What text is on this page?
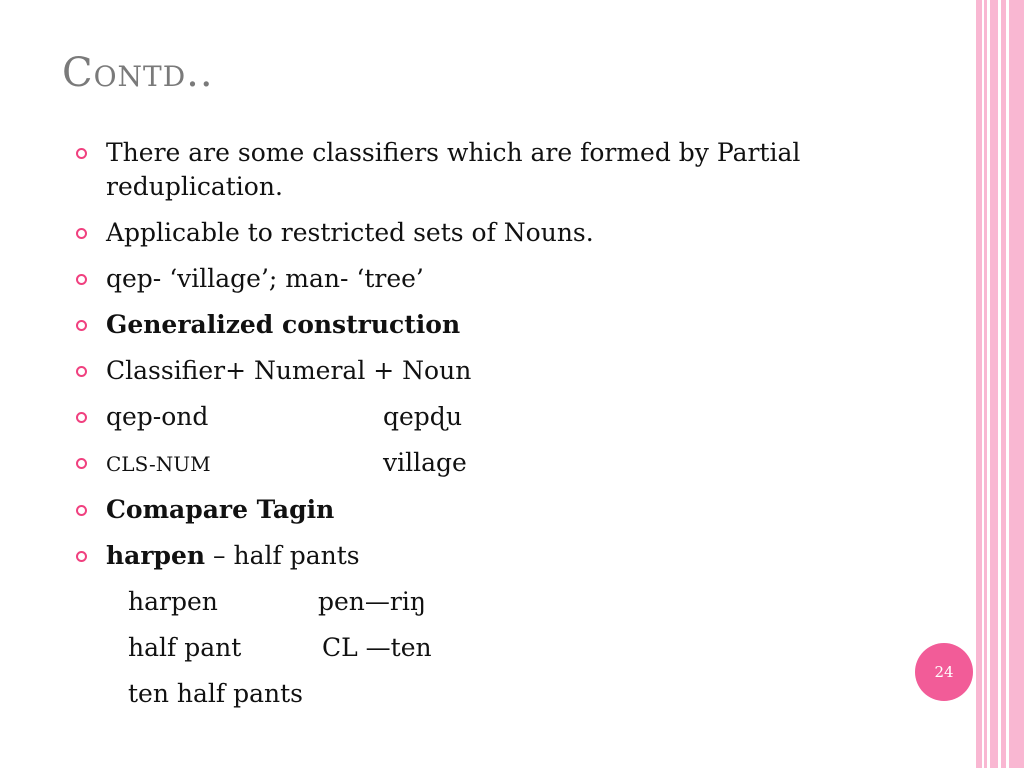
Contd..
There are some classifiers which are formed by Partial reduplication.
Applicable to restricted sets of Nouns.
qep- ‘village’; man- ‘tree’
Generalized construction
Classifier+ Numeral + Noun
qep-ond	qepɖu
CLS-NUM	village
Comapare Tagin
harpen – half pants
harpen	pen—riŋ
half pant	CL —ten
ten half pants
24
